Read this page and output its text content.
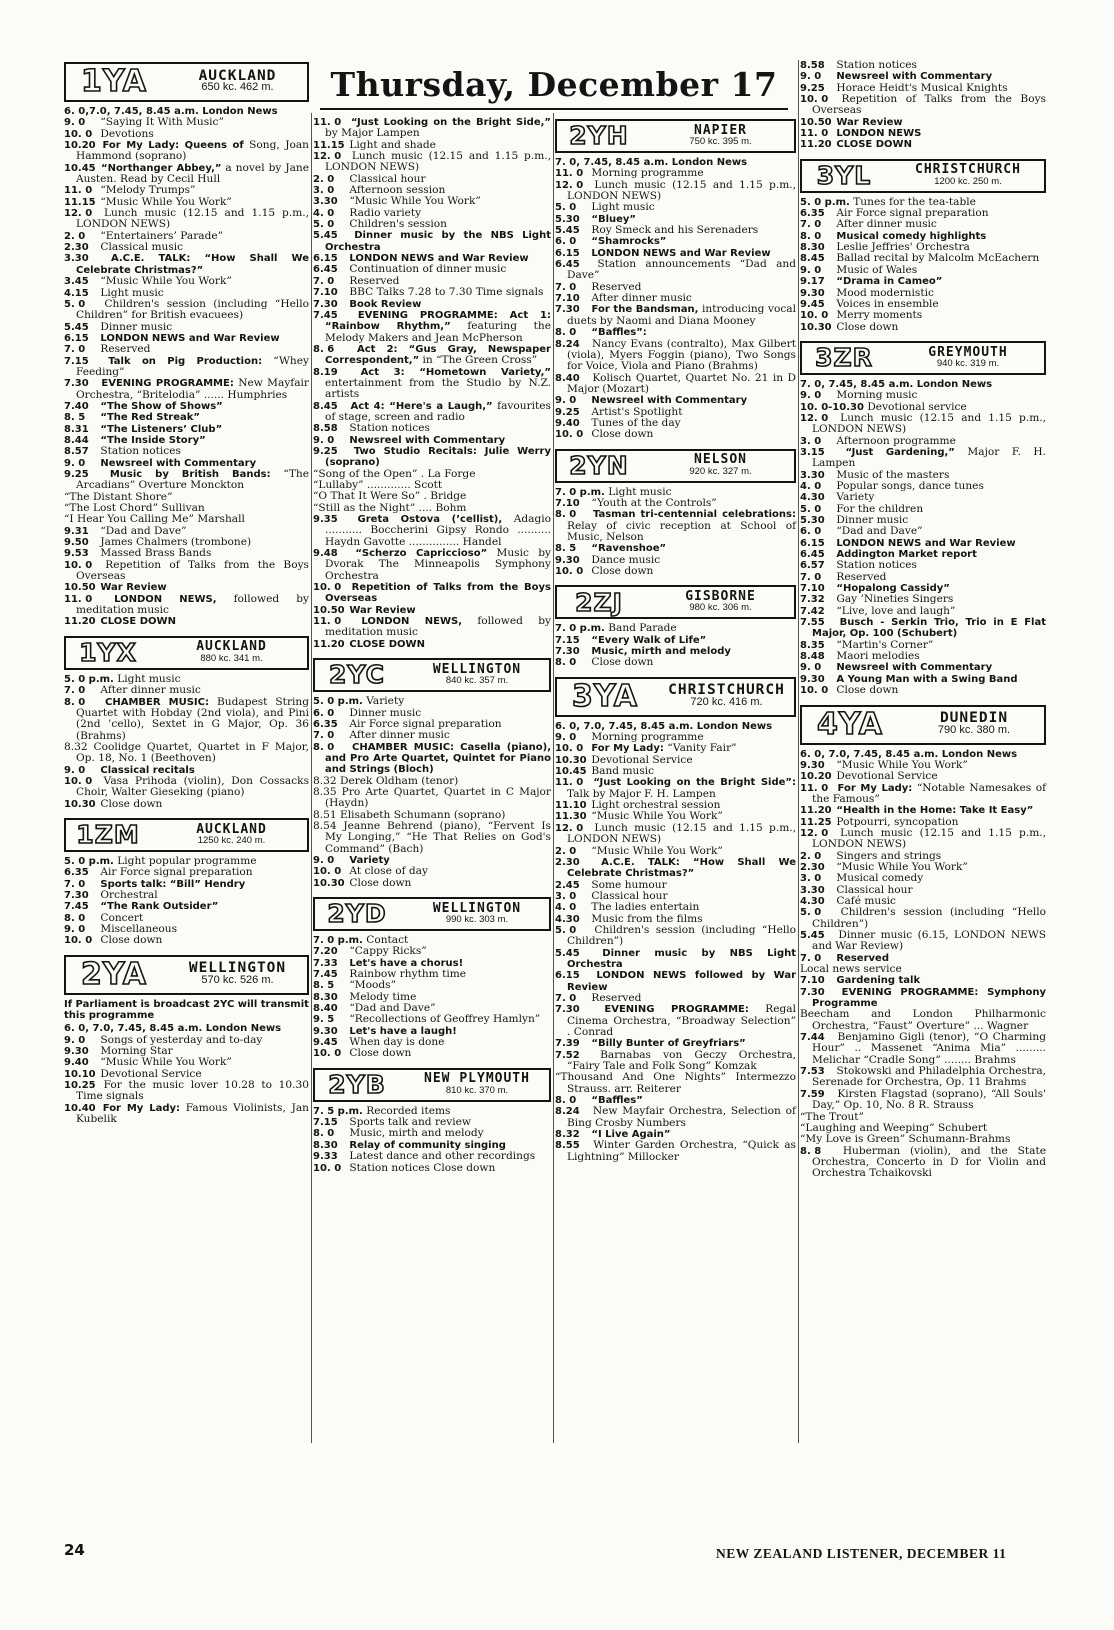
Thursday, December 17
1YA	AUCKLAND
650 kc. 462 m.
6. 0,7.0, 7.45, 8.45 a.m. London News
9. 0 “Saying It With Music”
10. 0 Devotions
10.20 For My Lady: Queens of Song, Joan Hammond (soprano)
10.45 “Northanger Abbey,” a novel by Jane Austen. Read by Cecil Hull
11. 0 “Melody Trumps”
11.15 “Music While You Work”
12. 0 Lunch music (12.15 and 1.15 p.m., LONDON NEWS)
2. 0 “Entertainers’ Parade”
2.30 Classical music
3.30 A.C.E. TALK: “How Shall We Celebrate Christmas?”
3.45 “Music While You Work”
4.15 Light music
5. 0 Children's session (including “Hello Children” for British evacuees)
5.45 Dinner music
6.15 LONDON NEWS and War Review
7. 0 Reserved
7.15 Talk on Pig Production: “Whey Feeding”
7.30 EVENING PROGRAMME: New Mayfair Orchestra, “Britelodia” ...... Humphries
7.40 “The Show of Shows”
8. 5 “The Red Streak”
8.31 “The Listeners’ Club”
8.44 “The Inside Story”
8.57 Station notices
9. 0 Newsreel with Commentary
9.25 Music by British Bands: “The Arcadians” Overture Monckton
“The Distant Shore”
“The Lost Chord” Sullivan
“I Hear You Calling Me” Marshall
9.31 “Dad and Dave”
9.50 James Chalmers (trombone)
9.53 Massed Brass Bands
10. 0 Repetition of Talks from the Boys Overseas
10.50 War Review
11. 0 LONDON NEWS, followed by meditation music
11.20 CLOSE DOWN
1YX	AUCKLAND
880 kc. 341 m.
5. 0 p.m. Light music
7. 0 After dinner music
8. 0 CHAMBER MUSIC: Budapest String Quartet with Hobday (2nd viola), and Pini (2nd ’cello), Sextet in G Major, Op. 36 (Brahms)
8.32 Coolidge Quartet, Quartet in F Major, Op. 18, No. 1 (Beethoven)
9. 0 Classical recitals
10. 0 Vasa Prihoda (violin), Don Cossacks Choir, Walter Gieseking (piano)
10.30 Close down
1ZM	AUCKLAND
1250 kc. 240 m.
5. 0 p.m. Light popular programme
6.35 Air Force signal preparation
7. 0 Sports talk: “Bill” Hendry
7.30 Orchestral
7.45 “The Rank Outsider”
8. 0 Concert
9. 0 Miscellaneous
10. 0 Close down
2YA	WELLINGTON
570 kc. 526 m.
If Parliament is broadcast 2YC will transmit this programme
6. 0, 7.0, 7.45, 8.45 a.m. London News
9. 0 Songs of yesterday and to-day
9.30 Morning Star
9.40 “Music While You Work”
10.10 Devotional Service
10.25 For the music lover 10.28 to 10.30 Time signals
10.40 For My Lady: Famous Violinists, Jan Kubelik
11. 0 “Just Looking on the Bright Side,” by Major Lampen
11.15 Light and shade
12. 0 Lunch music (12.15 and 1.15 p.m., LONDON NEWS)
2. 0 Classical hour
3. 0 Afternoon session
3.30 “Music While You Work”
4. 0 Radio variety
5. 0 Children's session
5.45 Dinner music by the NBS Light Orchestra
6.15 LONDON NEWS and War Review
6.45 Continuation of dinner music
7. 0 Reserved
7.10 BBC Talks 7.28 to 7.30 Time signals
7.30 Book Review
7.45 EVENING PROGRAMME: Act 1: “Rainbow Rhythm,” featuring the Melody Makers and Jean McPherson
8. 6 Act 2: “Gus Gray, Newspaper Correspondent,” in “The Green Cross”
8.19 Act 3: “Hometown Variety,” entertainment from the Studio by N.Z. artists
8.45 Act 4: “Here's a Laugh,” favourites of stage, screen and radio
8.58 Station notices
9. 0 Newsreel with Commentary
9.25 Two Studio Recitals: Julie Werry (soprano)
“Song of the Open” . La Forge
“Lullaby” ............. Scott
“O That It Were So” . Bridge
“Still as the Night” .... Bohm
9.35 Greta Ostova (’cellist), Adagio ........... Boccherini Gipsy Rondo .......... Haydn Gavotte ............... Handel
9.48 “Scherzo Capriccioso” Music by Dvorak The Minneapolis Symphony Orchestra
10. 0 Repetition of Talks from the Boys Overseas
10.50 War Review
11. 0 LONDON NEWS, followed by meditation music
11.20 CLOSE DOWN
2YC	WELLINGTON
840 kc. 357 m.
5. 0 p.m. Variety
6. 0 Dinner music
6.35 Air Force signal preparation
7. 0 After dinner music
8. 0 CHAMBER MUSIC: Casella (piano), and Pro Arte Quartet, Quintet for Piano and Strings (Bloch)
8.32 Derek Oldham (tenor)
8.35 Pro Arte Quartet, Quartet in C Major (Haydn)
8.51 Elisabeth Schumann (soprano)
8.54 Jeanne Behrend (piano), “Fervent Is My Longing,” “He That Relies on God's Command” (Bach)
9. 0 Variety
10. 0 At close of day
10.30 Close down
2YD	WELLINGTON
990 kc. 303 m.
7. 0 p.m. Contact
7.20 “Cappy Ricks”
7.33 Let's have a chorus!
7.45 Rainbow rhythm time
8. 5 “Moods”
8.30 Melody time
8.40 “Dad and Dave”
9. 5 “Recollections of Geoffrey Hamlyn”
9.30 Let's have a laugh!
9.45 When day is done
10. 0 Close down
2YB	NEW PLYMOUTH
810 kc. 370 m.
7. 5 p.m. Recorded items
7.15 Sports talk and review
8. 0 Music, mirth and melody
8.30 Relay of community singing
9.33 Latest dance and other recordings
10. 0 Station notices Close down
2YH	NAPIER
750 kc. 395 m.
7. 0, 7.45, 8.45 a.m. London News
11. 0 Morning programme
12. 0 Lunch music (12.15 and 1.15 p.m., LONDON NEWS)
5. 0 Light music
5.30 “Bluey”
5.45 Roy Smeck and his Serenaders
6. 0 “Shamrocks”
6.15 LONDON NEWS and War Review
6.45 Station announcements “Dad and Dave”
7. 0 Reserved
7.10 After dinner music
7.30 For the Bandsman, introducing vocal duets by Naomi and Diana Mooney
8. 0 “Baffles”:
8.24 Nancy Evans (contralto), Max Gilbert (viola), Myers Foggin (piano), Two Songs for Voice, Viola and Piano (Brahms)
8.40 Kolisch Quartet, Quartet No. 21 in D Major (Mozart)
9. 0 Newsreel with Commentary
9.25 Artist's Spotlight
9.40 Tunes of the day
10. 0 Close down
2YN	NELSON
920 kc. 327 m.
7. 0 p.m. Light music
7.10 “Youth at the Controls”
8. 0 Tasman tri-centennial celebrations: Relay of civic reception at School of Music, Nelson
8. 5 “Ravenshoe”
9.30 Dance music
10. 0 Close down
2ZJ	GISBORNE
980 kc. 306 m.
7. 0 p.m. Band Parade
7.15 “Every Walk of Life”
7.30 Music, mirth and melody
8. 0 Close down
3YA	CHRISTCHURCH
720 kc. 416 m.
6. 0, 7.0, 7.45, 8.45 a.m. London News
9. 0 Morning programme
10. 0 For My Lady: “Vanity Fair”
10.30 Devotional Service
10.45 Band music
11. 0 “Just Looking on the Bright Side”: Talk by Major F. H. Lampen
11.10 Light orchestral session
11.30 “Music While You Work”
12. 0 Lunch music (12.15 and 1.15 p.m., LONDON NEWS)
2. 0 “Music While You Work”
2.30 A.C.E. TALK: “How Shall We Celebrate Christmas?”
2.45 Some humour
3. 0 Classical hour
4. 0 The ladies entertain
4.30 Music from the films
5. 0 Children's session (including “Hello Children”)
5.45 Dinner music by NBS Light Orchestra
6.15 LONDON NEWS followed by War Review
7. 0 Reserved
7.30 EVENING PROGRAMME: Regal Cinema Orchestra, “Broadway Selection” . Conrad
7.39 “Billy Bunter of Greyfriars”
7.52 Barnabas von Geczy Orchestra, “Fairy Tale and Folk Song” Komzak
“Thousand And One Nights” Intermezzo Strauss. arr. Reiterer
8. 0 “Baffles”
8.24 New Mayfair Orchestra, Selection of Bing Crosby Numbers
8.32 “I Live Again”
8.55 Winter Garden Orchestra, “Quick as Lightning” Millocker
8.58 Station notices
9. 0 Newsreel with Commentary
9.25 Horace Heidt's Musical Knights
10. 0 Repetition of Talks from the Boys Overseas
10.50 War Review
11. 0 LONDON NEWS
11.20 CLOSE DOWN
3YL	CHRISTCHURCH
1200 kc. 250 m.
5. 0 p.m. Tunes for the tea-table
6.35 Air Force signal preparation
7. 0 After dinner music
8. 0 Musical comedy highlights
8.30 Leslie Jeffries' Orchestra
8.45 Ballad recital by Malcolm McEachern
9. 0 Music of Wales
9.17 “Drama in Cameo”
9.30 Mood modernistic
9.45 Voices in ensemble
10. 0 Merry moments
10.30 Close down
3ZR	GREYMOUTH
940 kc. 319 m.
7. 0, 7.45, 8.45 a.m. London News
9. 0 Morning music
10. 0-10.30 Devotional service
12. 0 Lunch music (12.15 and 1.15 p.m., LONDON NEWS)
3. 0 Afternoon programme
3.15 “Just Gardening,” Major F. H. Lampen
3.30 Music of the masters
4. 0 Popular songs, dance tunes
4.30 Variety
5. 0 For the children
5.30 Dinner music
6. 0 “Dad and Dave”
6.15 LONDON NEWS and War Review
6.45 Addington Market report
6.57 Station notices
7. 0 Reserved
7.10 “Hopalong Cassidy”
7.32 Gay ’Nineties Singers
7.42 “Live, love and laugh”
7.55 Busch - Serkin Trio, Trio in E Flat Major, Op. 100 (Schubert)
8.35 “Martin's Corner”
8.48 Maori melodies
9. 0 Newsreel with Commentary
9.30 A Young Man with a Swing Band
10. 0 Close down
4YA	DUNEDIN
790 kc. 380 m.
6. 0, 7.0, 7.45, 8.45 a.m. London News
9.30 “Music While You Work”
10.20 Devotional Service
11. 0 For My Lady: “Notable Namesakes of the Famous”
11.20 “Health in the Home: Take It Easy”
11.25 Potpourri, syncopation
12. 0 Lunch music (12.15 and 1.15 p.m., LONDON NEWS)
2. 0 Singers and strings
2.30 “Music While You Work”
3. 0 Musical comedy
3.30 Classical hour
4.30 Café music
5. 0 Children's session (including “Hello Children”)
5.45 Dinner music (6.15, LONDON NEWS and War Review)
7. 0 Reserved
Local news service
7.10 Gardening talk
7.30 EVENING PROGRAMME: Symphony Programme
Beecham and London Philharmonic Orchestra, “Faust” Overture” ... Wagner
7.44 Benjamino Gigli (tenor), “O Charming Hour” .. Massenet “Anima Mia” ......... Melichar “Cradle Song” ........ Brahms
7.53 Stokowski and Philadelphia Orchestra, Serenade for Orchestra, Op. 11 Brahms
7.59 Kirsten Flagstad (soprano), “All Souls' Day,” Op. 10, No. 8 R. Strauss
“The Trout”
“Laughing and Weeping” Schubert
“My Love is Green” Schumann-Brahms
8. 8 Huberman (violin), and the State Orchestra, Concerto in D for Violin and Orchestra Tchaikovski
24	NEW ZEALAND LISTENER, DECEMBER 11
